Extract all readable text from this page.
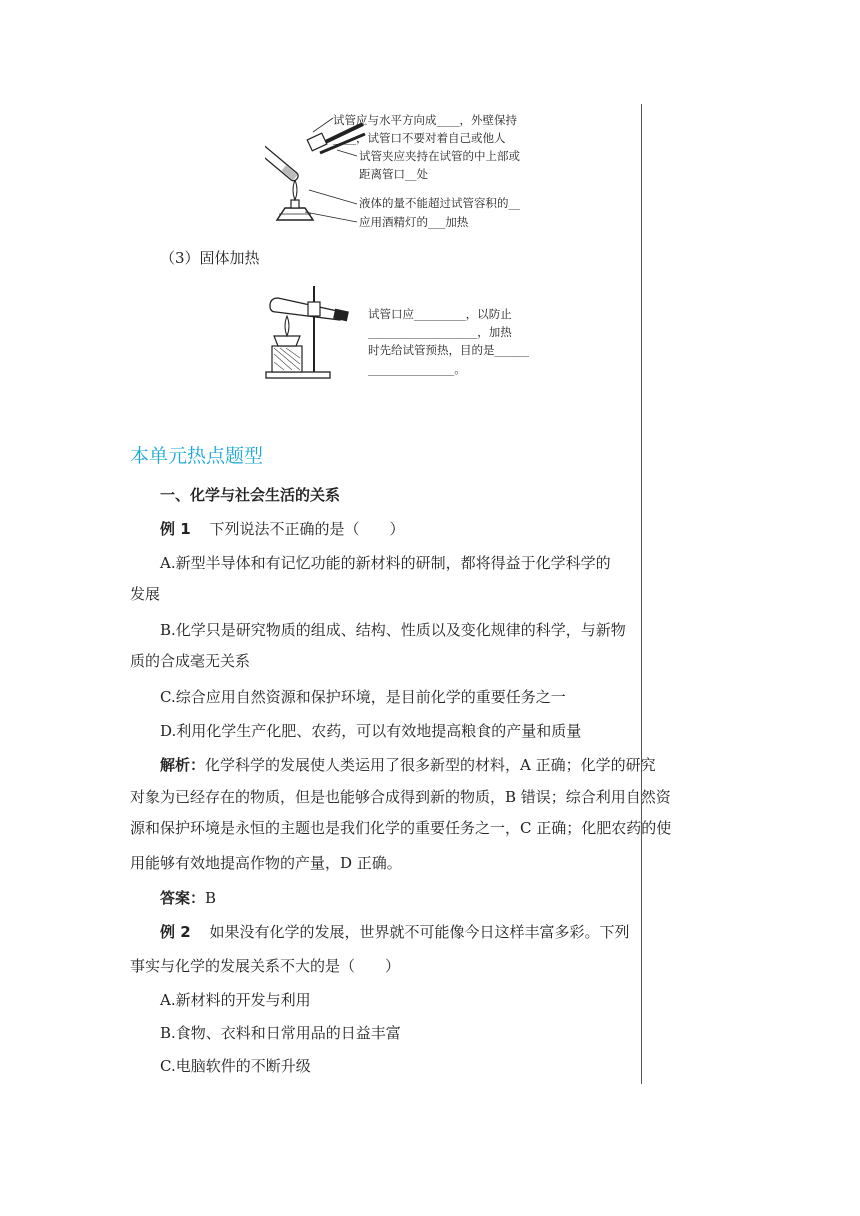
试管应与水平方向成____，外壁保持
____，试管口不要对着自己或他人
试管夹应夹持在试管的中上部或
距离管口__处
液体的量不能超过试管容积的__
应用酒精灯的___加热
（3）固体加热
试管口应_________，以防止
___________________，加热
时先给试管预热，目的是______
_______________。
本单元热点题型
一、化学与社会生活的关系
例 1 下列说法不正确的是（　　）
A.新型半导体和有记忆功能的新材料的研制，都将得益于化学科学的
发展
B.化学只是研究物质的组成、结构、性质以及变化规律的科学，与新物
质的合成毫无关系
C.综合应用自然资源和保护环境，是目前化学的重要任务之一
D.利用化学生产化肥、农药，可以有效地提高粮食的产量和质量
解析：化学科学的发展使人类运用了很多新型的材料，A 正确；化学的研究
对象为已经存在的物质，但是也能够合成得到新的物质，B 错误；综合利用自然资
源和保护环境是永恒的主题也是我们化学的重要任务之一，C 正确；化肥农药的使
用能够有效地提高作物的产量，D 正确。
答案：B
例 2 如果没有化学的发展，世界就不可能像今日这样丰富多彩。下列
事实与化学的发展关系不大的是（　　）
A.新材料的开发与利用
B.食物、衣料和日常用品的日益丰富
C.电脑软件的不断升级
